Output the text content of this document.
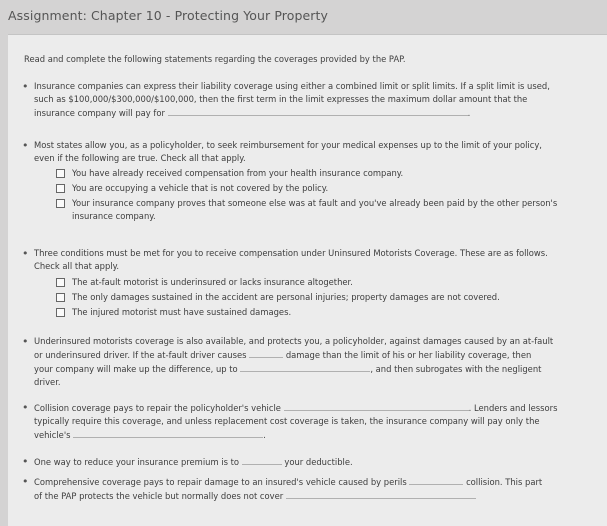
Assignment: Chapter 10 - Protecting Your Property
Read and complete the following statements regarding the coverages provided by the PAP.
• Insurance companies can express their liability coverage using either a combined limit or split limits. If a split limit is used,
such as $100,000/$300,000/$100,000, then the first term in the limit expresses the maximum dollar amount that the
insurance company will pay for	.
• Most states allow you, as a policyholder, to seek reimbursement for your medical expenses up to the limit of your policy,
even if the following are true. Check all that apply.
You have already received compensation from your health insurance company.
You are occupying a vehicle that is not covered by the policy.
Your insurance company proves that someone else was at fault and you've already been paid by the other person's
insurance company.
• Three conditions must be met for you to receive compensation under Uninsured Motorists Coverage. These are as follows.
Check all that apply.
The at-fault motorist is underinsured or lacks insurance altogether.
The only damages sustained in the accident are personal injuries; property damages are not covered.
The injured motorist must have sustained damages.
• Underinsured motorists coverage is also available, and protects you, a policyholder, against damages caused by an at-fault
or underinsured driver. If the at-fault driver causes	damage than the limit of his or her liability coverage, then
your company will make up the difference, up to	, and then subrogates with the negligent
driver.
• Collision coverage pays to repair the policyholder's vehicle	. Lenders and lessors
typically require this coverage, and unless replacement cost coverage is taken, the insurance company will pay only the
vehicle's	.
• One way to reduce your insurance premium is to	your deductible.
• Comprehensive coverage pays to repair damage to an insured's vehicle caused by perils	collision. This part
of the PAP protects the vehicle but normally does not cover
